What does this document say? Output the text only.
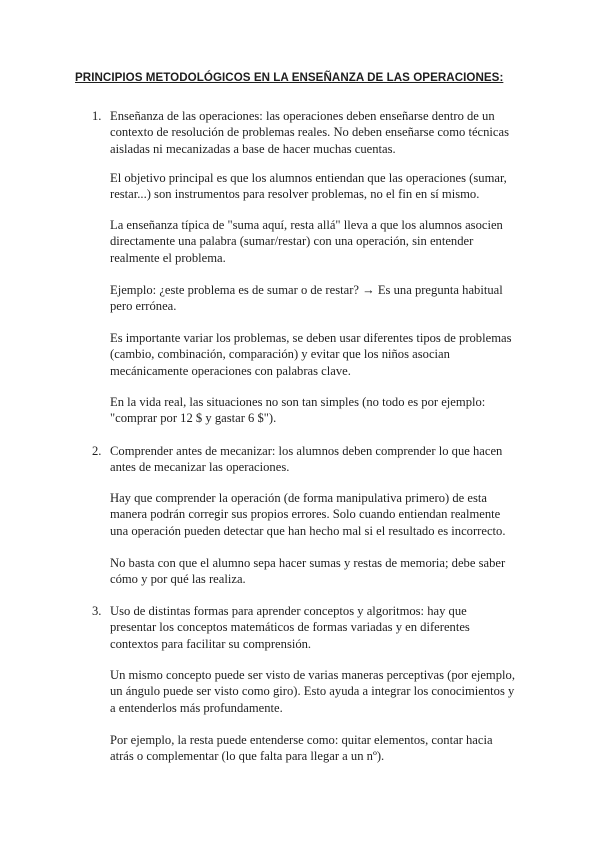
PRINCIPIOS METODOLÓGICOS EN LA ENSEÑANZA DE LAS OPERACIONES:
1. Enseñanza de las operaciones: las operaciones deben enseñarse dentro de un
contexto de resolución de problemas reales. No deben enseñarse como técnicas
aisladas ni mecanizadas a base de hacer muchas cuentas.

El objetivo principal es que los alumnos entiendan que las operaciones (sumar,
restar...) son instrumentos para resolver problemas, no el fin en sí mismo.

La enseñanza típica de "suma aquí, resta allá" lleva a que los alumnos asocien
directamente una palabra (sumar/restar) con una operación, sin entender
realmente el problema.

Ejemplo: ¿este problema es de sumar o de restar? → Es una pregunta habitual
pero errónea.

Es importante variar los problemas, se deben usar diferentes tipos de problemas
(cambio, combinación, comparación) y evitar que los niños asocian
mecánicamente operaciones con palabras clave.

En la vida real, las situaciones no son tan simples (no todo es por ejemplo:
"comprar por 12 $ y gastar 6 $").

2. Comprender antes de mecanizar: los alumnos deben comprender lo que hacen
antes de mecanizar las operaciones.

Hay que comprender la operación (de forma manipulativa primero) de esta
manera podrán corregir sus propios errores. Solo cuando entiendan realmente
una operación pueden detectar que han hecho mal si el resultado es incorrecto.

No basta con que el alumno sepa hacer sumas y restas de memoria; debe saber
cómo y por qué las realiza.

3. Uso de distintas formas para aprender conceptos y algoritmos: hay que
presentar los conceptos matemáticos de formas variadas y en diferentes
contextos para facilitar su comprensión.

Un mismo concepto puede ser visto de varias maneras perceptivas (por ejemplo,
un ángulo puede ser visto como giro). Esto ayuda a integrar los conocimientos y
a entenderlos más profundamente.

Por ejemplo, la resta puede entenderse como: quitar elementos, contar hacia
atrás o complementar (lo que falta para llegar a un nº).
